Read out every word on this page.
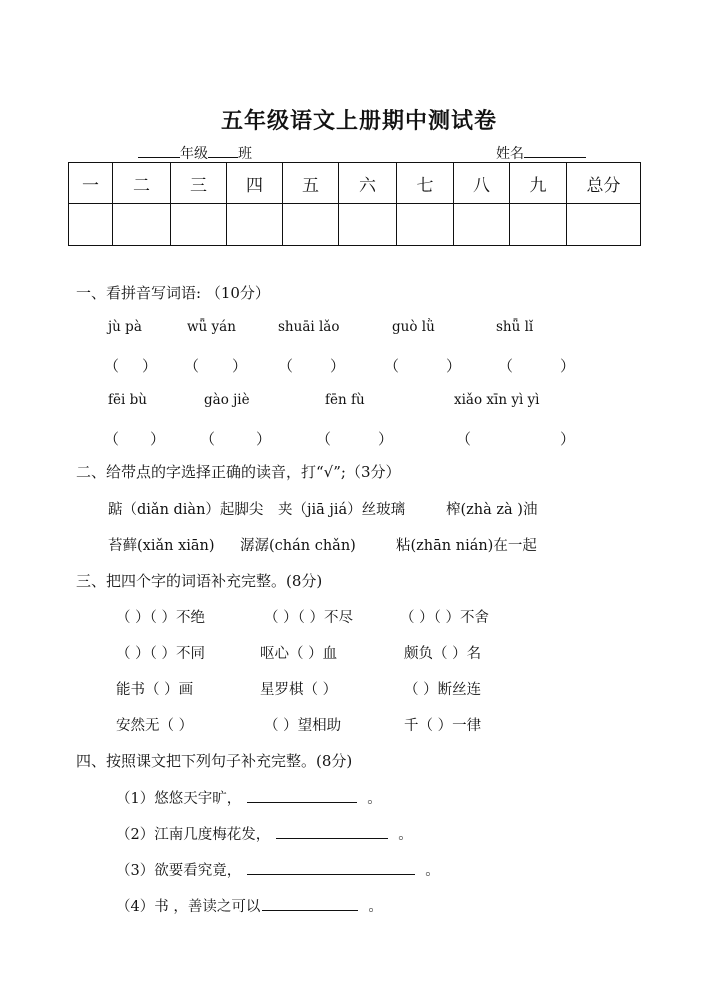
五年级语文上册期中测试卷
年级 班	姓名
一	二	三	四	五	六	七	八	九	总分

一、看拼音写词语: （10分）
jù pà	wǖ yán	shuāi lǎo	guò lǜ	shǖ lǐ
（ ） （ ） （ ）	（	） （	）
fēi bù	gào jiè	fēn fù	xiǎo xīn yì yì
（ ） （	）	（	）	（	）
二、给带点的字选择正确的读音，打“√”;（3分）
踮（diǎn diàn）起脚尖 夹（jiā jiá）丝玻璃	榨(zhà zà )油
苔藓(xiǎn xiān) 潺潺(chán chǎn)	粘(zhān nián)在一起
三、把四个字的词语补充完整。(8分)
（ ）（ ）不绝	（ ）（ ）不尽	（ ）（ ）不舍
（ ）（ ）不同	呕心（ ）血	颇负（ ）名
能书（ ）画	星罗棋（ ）	（ ）断丝连
安然无（ ）	（ ）望相助	千（ ）一律
四、按照课文把下列句子补充完整。(8分)
（1）悠悠天宇旷，	。
（2）江南几度梅花发，	。
（3）欲要看究竟，	。
（4）书 ，善读之可以	。
